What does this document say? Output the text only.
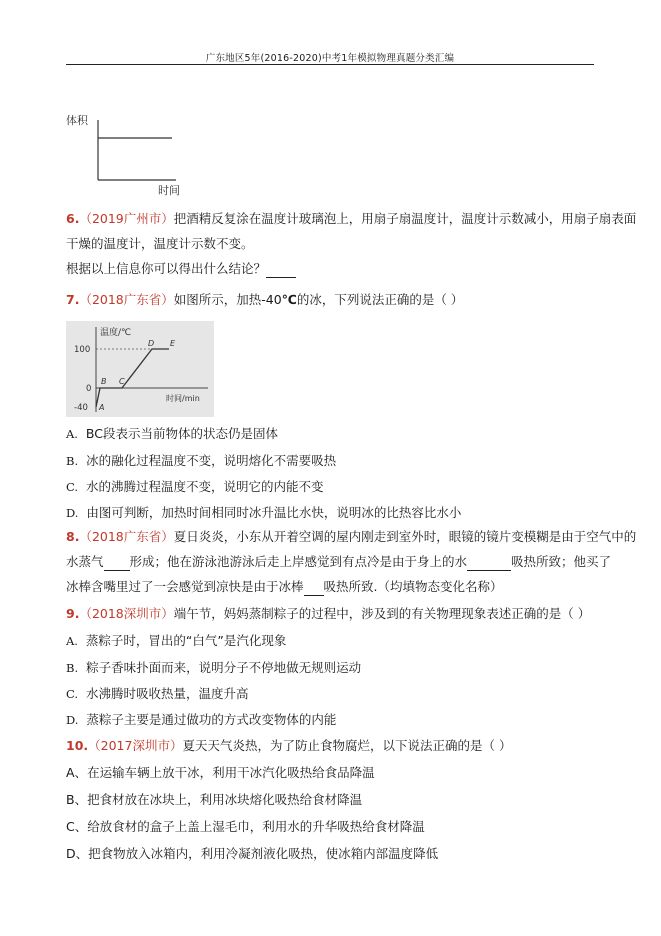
广东地区5年(2016-2020)中考1年模拟物理真题分类汇编
体积
时间
6.（2019广州市）把酒精反复涂在温度计玻璃泡上，用扇子扇温度计，温度计示数减小，用扇子扇表面
干燥的温度计，温度计示数不变。
根据以上信息你可以得出什么结论？
7.（2018广东省）如图所示，加热-40℃的冰，下列说法正确的是（ ）
温度/℃
100
0
-40 A
B C
D E
时间/min
A. BC段表示当前物体的状态仍是固体
B. 冰的融化过程温度不变，说明熔化不需要吸热
C. 水的沸腾过程温度不变，说明它的内能不变
D. 由图可判断，加热时间相同时冰升温比水快，说明冰的比热容比水小
8.（2018广东省）夏日炎炎，小东从开着空调的屋内刚走到室外时，眼镜的镜片变模糊是由于空气中的
水蒸气 形成；他在游泳池游泳后走上岸感觉到有点冷是由于身上的水	吸热所致；他买了
冰棒含嘴里过了一会感觉到凉快是由于冰棒 吸热所致.（均填物态变化名称）
9.（2018深圳市）端午节，妈妈蒸制粽子的过程中，涉及到的有关物理现象表述正确的是（ ）
A. 蒸粽子时，冒出的“白气”是汽化现象
B. 粽子香味扑面而来，说明分子不停地做无规则运动
C. 水沸腾时吸收热量，温度升高
D. 蒸粽子主要是通过做功的方式改变物体的内能
10.（2017深圳市）夏天天气炎热，为了防止食物腐烂，以下说法正确的是（ ）
A、在运输车辆上放干冰，利用干冰汽化吸热给食品降温
B、把食材放在冰块上，利用冰块熔化吸热给食材降温
C、给放食材的盒子上盖上湿毛巾，利用水的升华吸热给食材降温
D、把食物放入冰箱内，利用冷凝剂液化吸热，使冰箱内部温度降低
